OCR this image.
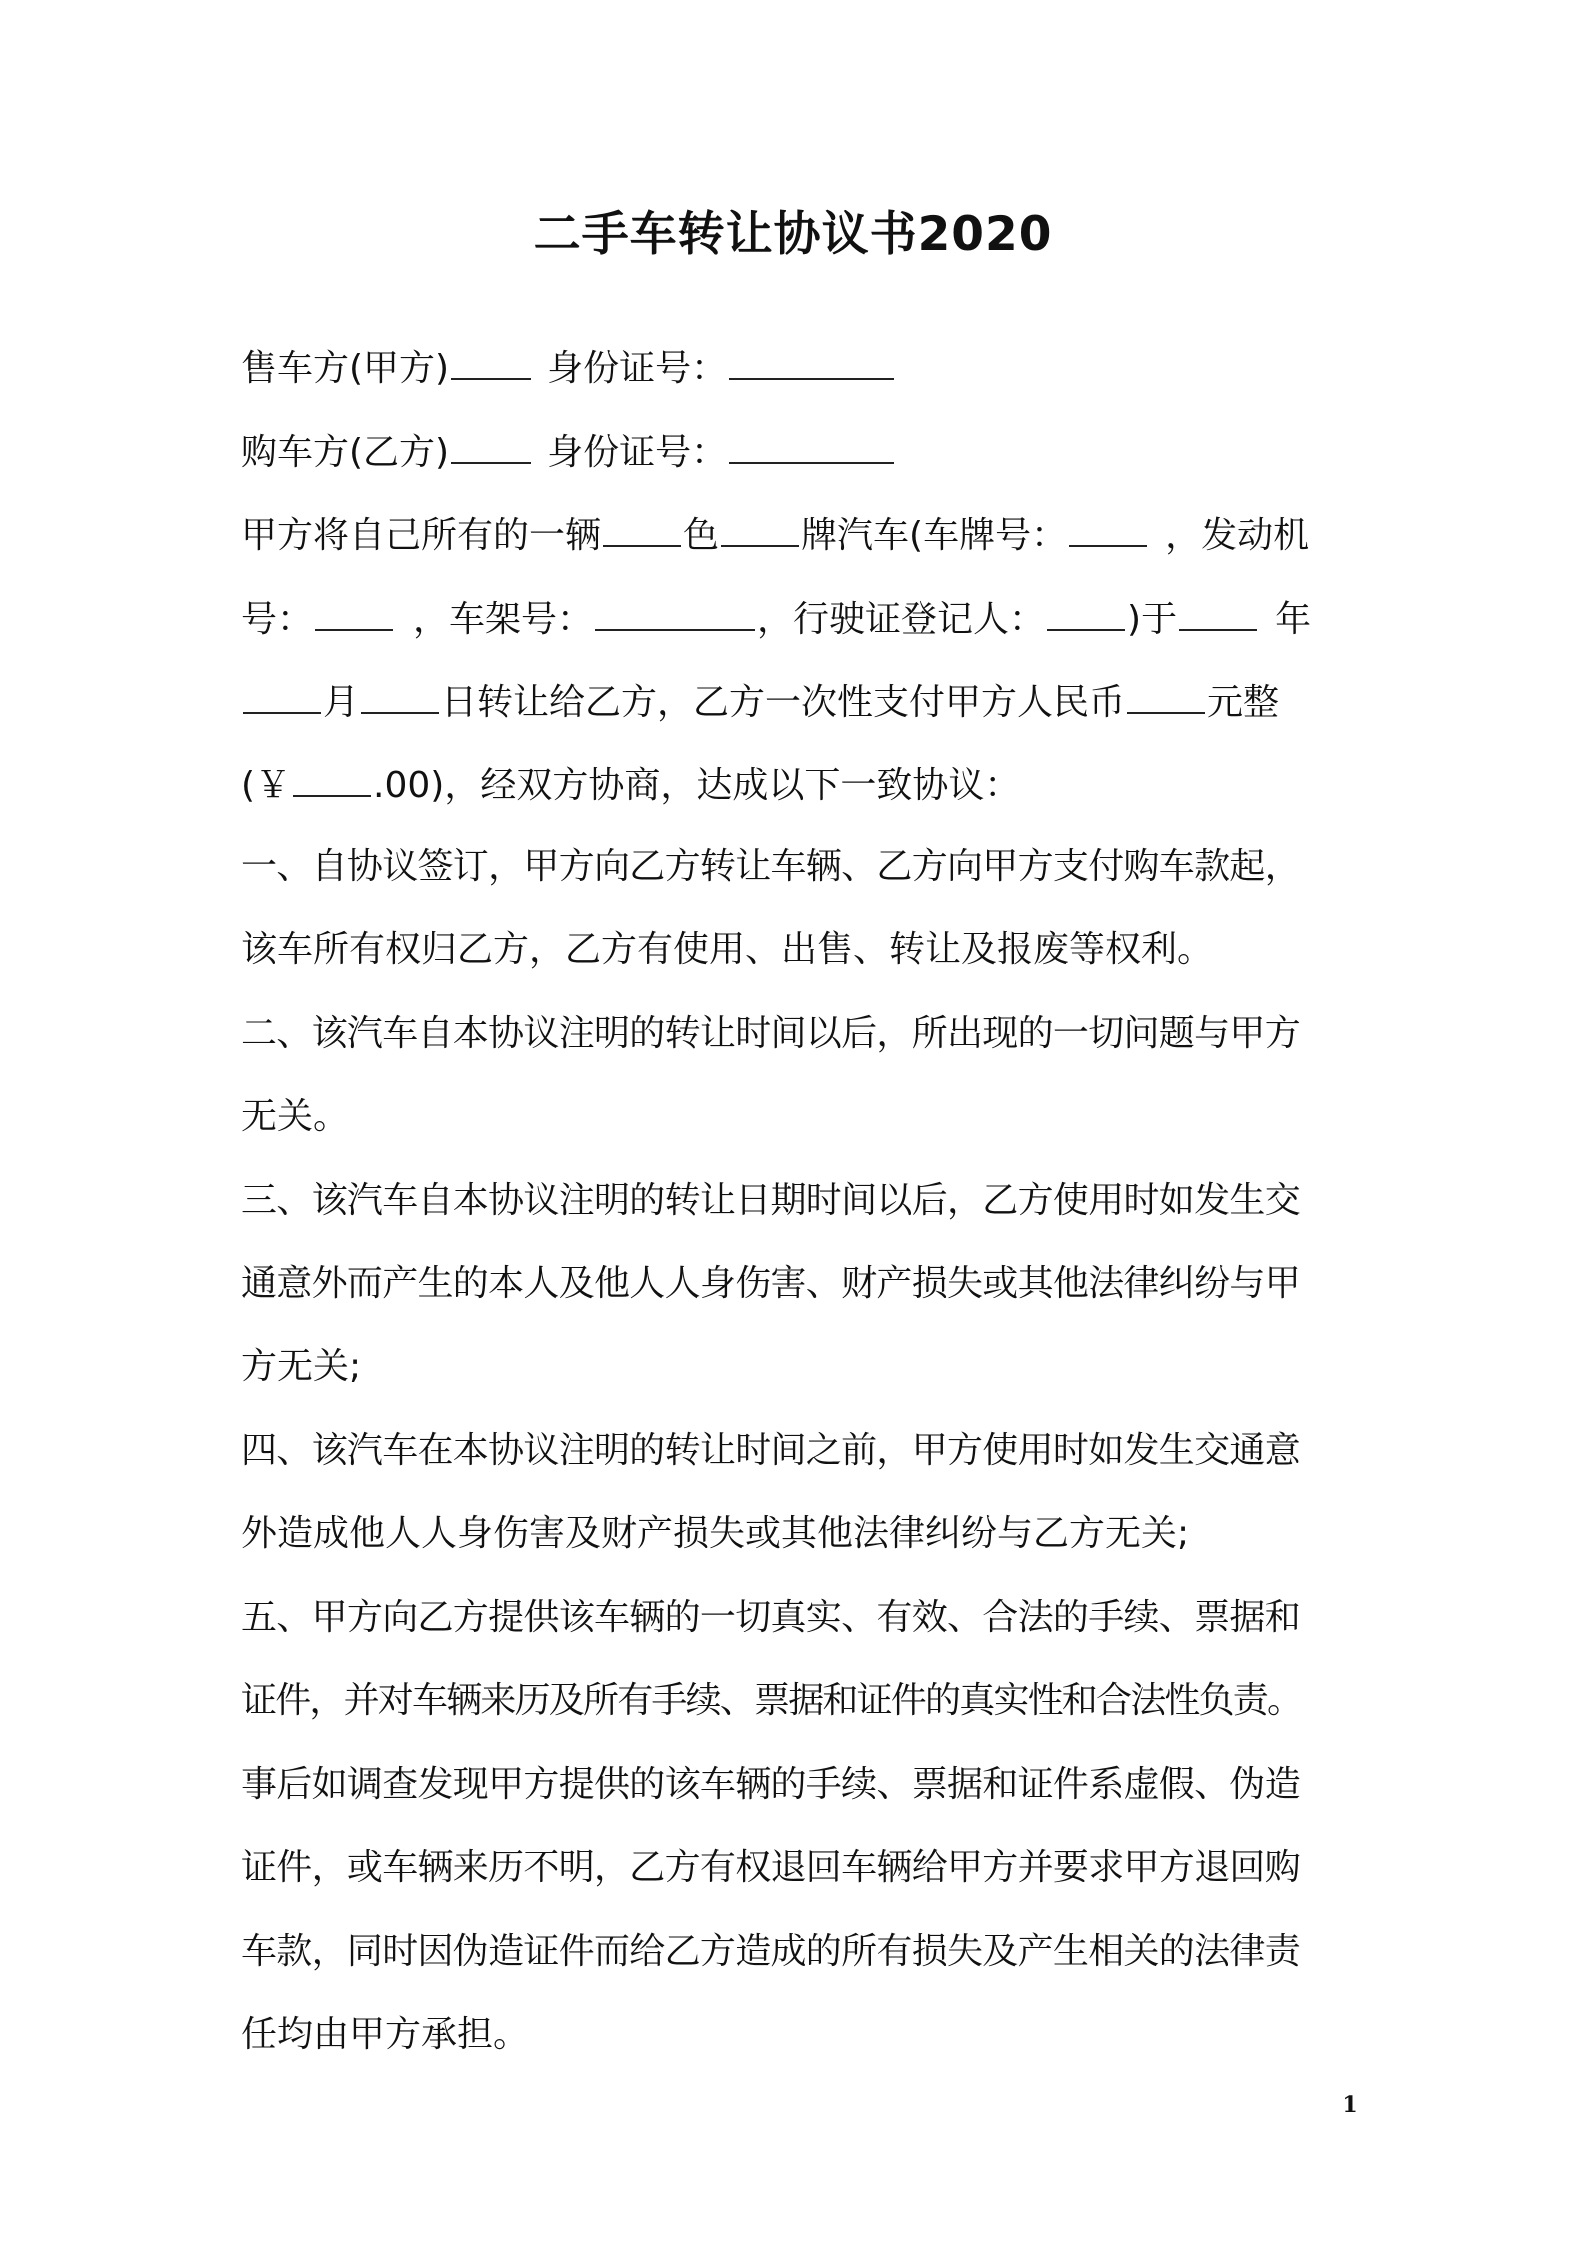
二手车转让协议书2020
售车方(甲方)	身份证号：
购车方(乙方)	身份证号：
甲方将自己所有的一辆 色 牌汽车(车牌号：	，发动机
号：	，车架号：	，行驶证登记人： )于	年
月 日转让给乙方，乙方一次性支付甲方人民币 元整
(￥ .00)，经双方协商，达成以下一致协议：
一、自协议签订，甲方向乙方转让车辆、乙方向甲方支付购车款起，
该车所有权归乙方，乙方有使用、出售、转让及报废等权利。
二、该汽车自本协议注明的转让时间以后，所出现的一切问题与甲方
无关。
三、该汽车自本协议注明的转让日期时间以后，乙方使用时如发生交
通意外而产生的本人及他人人身伤害、财产损失或其他法律纠纷与甲
方无关;
四、该汽车在本协议注明的转让时间之前，甲方使用时如发生交通意
外造成他人人身伤害及财产损失或其他法律纠纷与乙方无关;
五、甲方向乙方提供该车辆的一切真实、有效、合法的手续、票据和
证件，并对车辆来历及所有手续、票据和证件的真实性和合法性负责。
事后如调查发现甲方提供的该车辆的手续、票据和证件系虚假、伪造
证件，或车辆来历不明，乙方有权退回车辆给甲方并要求甲方退回购
车款，同时因伪造证件而给乙方造成的所有损失及产生相关的法律责
任均由甲方承担。
1
